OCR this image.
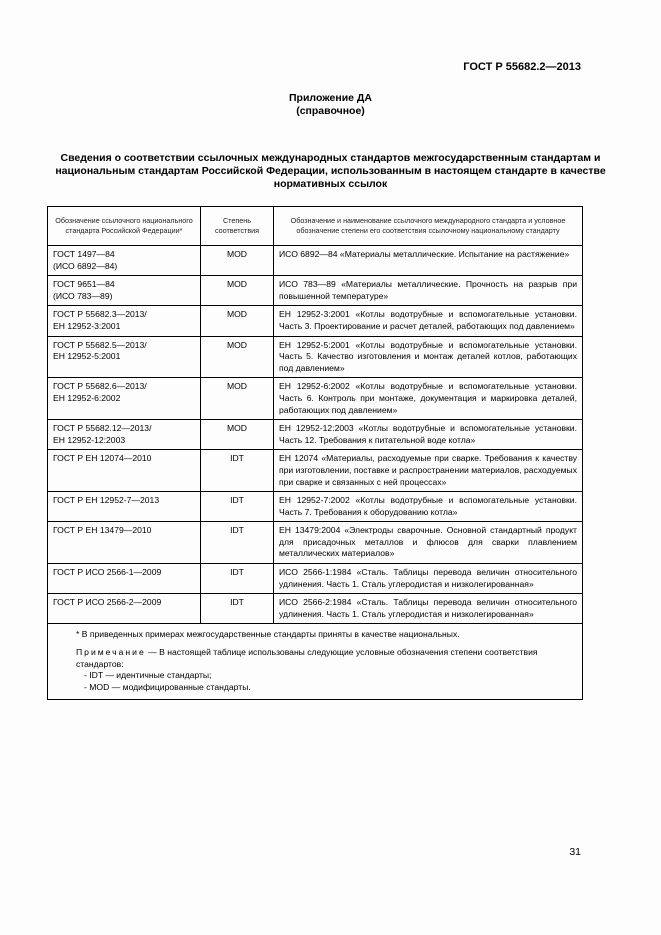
ГОСТ Р 55682.2—2013
Приложение ДА
(справочное)
Сведения о соответствии ссылочных международных стандартов межгосударственным стандартам и национальным стандартам Российской Федерации, использованным в настоящем стандарте в качестве нормативных ссылок
Обозначение ссылочного национального стандарта Российской Федерации*	Степень соответствия	Обозначение и наименование ссылочного международного стандарта и условное обозначение степени его соответствия ссылочному национальному стандарту
ГОСТ 1497—84
(ИСО 6892—84)	MOD	ИСО 6892—84 «Материалы металлические. Испытание на растяжение»
ГОСТ 9651—84
(ИСО 783—89)	MOD	ИСО 783—89 «Материалы металлические. Прочность на разрыв при повышенной температуре»
ГОСТ Р 55682.3—2013/
ЕН 12952-3:2001	MOD	ЕН 12952-3:2001 «Котлы водотрубные и вспомогательные установки. Часть 3. Проектирование и расчет деталей, работающих под давлением»
ГОСТ Р 55682.5—2013/
ЕН 12952-5:2001	MOD	ЕН 12952-5:2001 «Котлы водотрубные и вспомогательные установки. Часть 5. Качество изготовления и монтаж деталей котлов, работающих под давлением»
ГОСТ Р 55682.6—2013/
ЕН 12952-6:2002	MOD	ЕН 12952-6:2002 «Котлы водотрубные и вспомогательные установки. Часть 6. Контроль при монтаже, документация и маркировка деталей, работающих под давлением»
ГОСТ Р 55682.12—2013/
ЕН 12952-12:2003	MOD	ЕН 12952-12:2003 «Котлы водотрубные и вспомогательные установки. Часть 12. Требования к питательной воде котла»
ГОСТ Р ЕН 12074—2010	IDT	ЕН 12074 «Материалы, расходуемые при сварке. Требования к качеству при изготовлении, поставке и распространении материалов, расходуемых при сварке и связанных с ней процессах»
ГОСТ Р ЕН 12952-7—2013	IDT	ЕН 12952-7:2002 «Котлы водотрубные и вспомогательные установки. Часть 7. Требования к оборудованию котла»
ГОСТ Р ЕН 13479—2010	IDT	ЕН 13479:2004 «Электроды сварочные. Основной стандартный продукт для присадочных металлов и флюсов для сварки плавлением металлических материалов»
ГОСТ Р ИСО 2566-1—2009	IDT	ИСО 2566-1:1984 «Сталь. Таблицы перевода величин относительного удлинения. Часть 1. Сталь углеродистая и низколегированная»
ГОСТ Р ИСО 2566-2—2009	IDT	ИСО 2566-2:1984 «Сталь. Таблицы перевода величин относительного удлинения. Часть 1. Сталь углеродистая и низколегированная»

* В приведенных примерах межгосударственные стандарты приняты в качестве национальных.

Примечание — В настоящей таблице использованы следующие условные обозначения степени соответствия стандартов:

- IDT — идентичные стандарты;

- MOD — модифицированные стандарты.		

31
